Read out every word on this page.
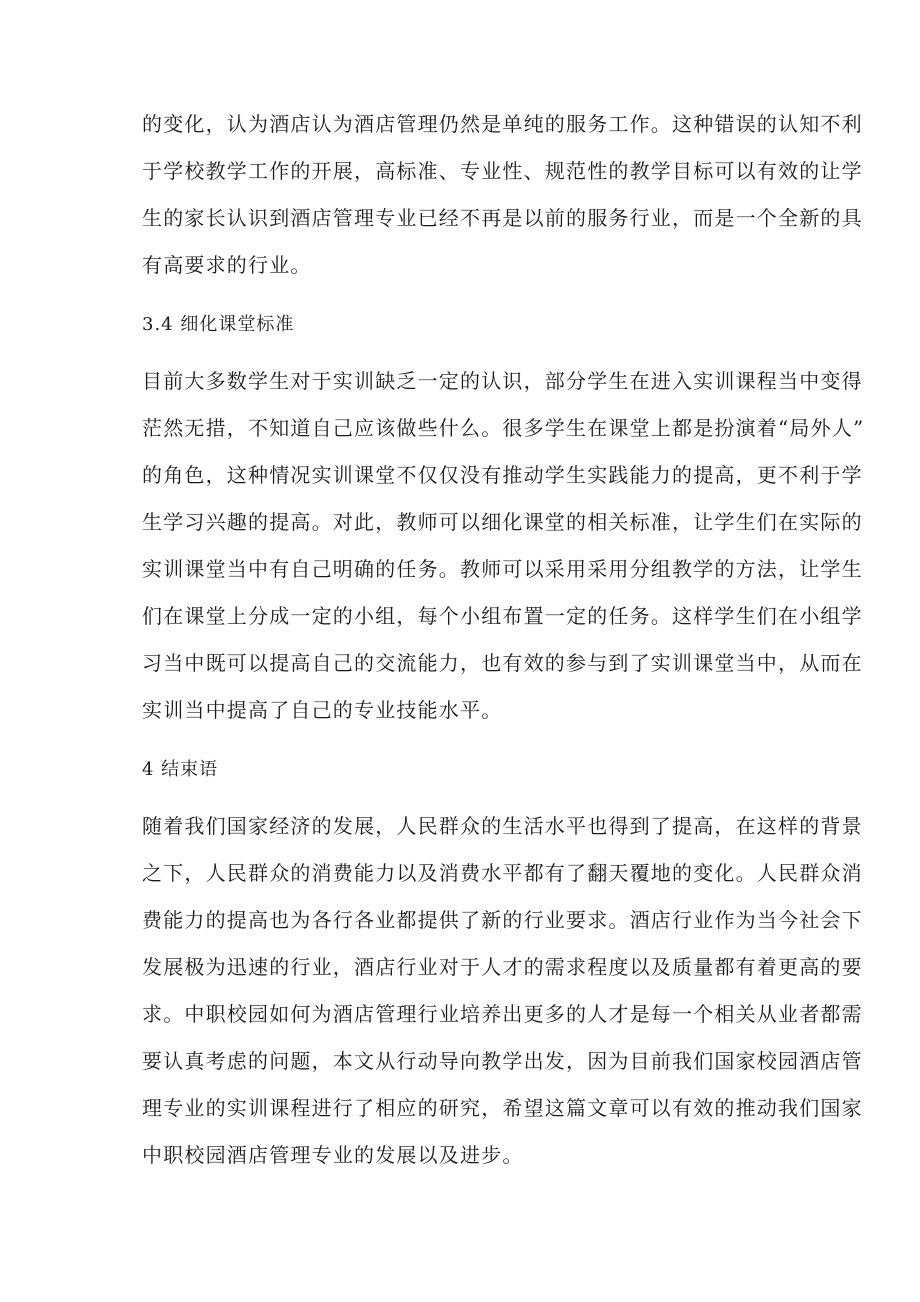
的变化，认为酒店认为酒店管理仍然是单纯的服务工作。这种错误的认知不利
于学校教学工作的开展，高标准、专业性、规范性的教学目标可以有效的让学
生的家长认识到酒店管理专业已经不再是以前的服务行业，而是一个全新的具
有高要求的行业。
3.4 细化课堂标准
目前大多数学生对于实训缺乏一定的认识，部分学生在进入实训课程当中变得
茫然无措，不知道自己应该做些什么。很多学生在课堂上都是扮演着“局外人”
的角色，这种情况实训课堂不仅仅没有推动学生实践能力的提高，更不利于学
生学习兴趣的提高。对此，教师可以细化课堂的相关标准，让学生们在实际的
实训课堂当中有自己明确的任务。教师可以采用采用分组教学的方法，让学生
们在课堂上分成一定的小组，每个小组布置一定的任务。这样学生们在小组学
习当中既可以提高自己的交流能力，也有效的参与到了实训课堂当中，从而在
实训当中提高了自己的专业技能水平。
4 结束语
随着我们国家经济的发展，人民群众的生活水平也得到了提高，在这样的背景
之下，人民群众的消费能力以及消费水平都有了翻天覆地的变化。人民群众消
费能力的提高也为各行各业都提供了新的行业要求。酒店行业作为当今社会下
发展极为迅速的行业，酒店行业对于人才的需求程度以及质量都有着更高的要
求。中职校园如何为酒店管理行业培养出更多的人才是每一个相关从业者都需
要认真考虑的问题，本文从行动导向教学出发，因为目前我们国家校园酒店管
理专业的实训课程进行了相应的研究，希望这篇文章可以有效的推动我们国家
中职校园酒店管理专业的发展以及进步。
